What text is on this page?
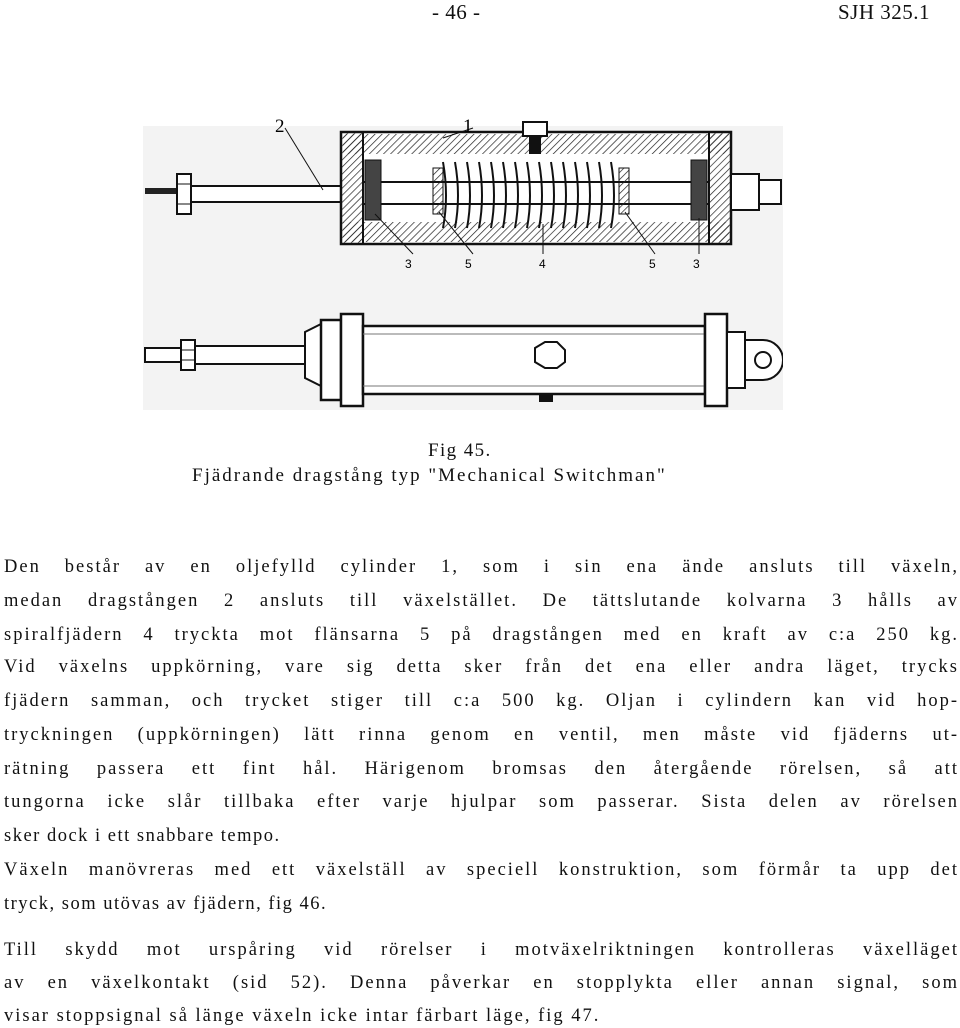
- 46 -	SJH 325.1
2	1
3	5	4	5	3
Fig 45.
Fjädrande dragstång typ "Mechanical Switchman"
Den består av en oljefylld cylinder 1, som i sin ena ände ansluts till växeln,
medan dragstången 2 ansluts till växelstället. De tättslutande kolvarna 3 hålls av
spiralfjädern 4 tryckta mot flänsarna 5 på dragstången med en kraft av c:a 250 kg.
Vid växelns uppkörning, vare sig detta sker från det ena eller andra läget, trycks
fjädern samman, och trycket stiger till c:a 500 kg. Oljan i cylindern kan vid hop-
tryckningen (uppkörningen) lätt rinna genom en ventil, men måste vid fjäderns ut-
rätning passera ett fint hål. Härigenom bromsas den återgående rörelsen, så att
tungorna icke slår tillbaka efter varje hjulpar som passerar. Sista delen av rörelsen
sker dock i ett snabbare tempo.
Växeln manövreras med ett växelställ av speciell konstruktion, som förmår ta upp det
tryck, som utövas av fjädern, fig 46.
Till skydd mot urspåring vid rörelser i motväxelriktningen kontrolleras växelläget
av en växelkontakt (sid 52). Denna påverkar en stopplykta eller annan signal, som
visar stoppsignal så länge växeln icke intar färbart läge, fig 47.
